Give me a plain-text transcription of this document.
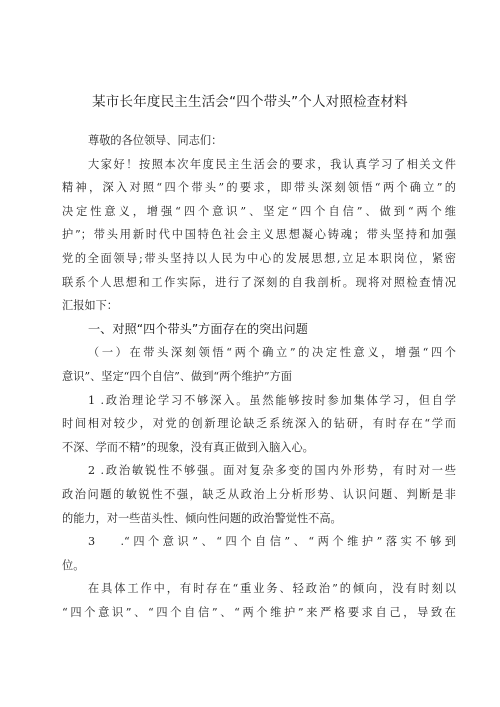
某市长年度民主生活会“四个带头”个人对照检查材料
尊敬的各位领导、同志们：
大家好！按照本次年度民主生活会的要求，我认真学习了相关文件
精神，深入对照“四个带头”的要求，即带头深刻领悟“两个确立”的
决定性意义，增强“四个意识”、坚定“四个自信”、做到“两个维
护”；带头用新时代中国特色社会主义思想凝心铸魂；带头坚持和加强
党的全面领导;带头坚持以人民为中心的发展思想,立足本职岗位，紧密
联系个人思想和工作实际，进行了深刻的自我剖析。现将对照检查情况
汇报如下：
一、对照“四个带头”方面存在的突出问题
（一）在带头深刻领悟“两个确立”的决定性意义，增强“四个
意识”、坚定“四个自信”、做到“两个维护”方面
1 .政治理论学习不够深入。虽然能够按时参加集体学习，但自学
时间相对较少，对党的创新理论缺乏系统深入的钻研，有时存在“学而
不深、学而不精”的现象，没有真正做到入脑入心。
2 .政治敏锐性不够强。面对复杂多变的国内外形势，有时对一些
政治问题的敏锐性不强，缺乏从政治上分析形势、认识问题、判断是非
的能力，对一些苗头性、倾向性问题的政治警觉性不高。
3　 .“四个意识”、“四个自信”、“两个维护”落实不够到
位。
在具体工作中，有时存在“重业务、轻政治”的倾向，没有时刻以
“四个意识”、“四个自信”、“两个维护”来严格要求自己，导致在
